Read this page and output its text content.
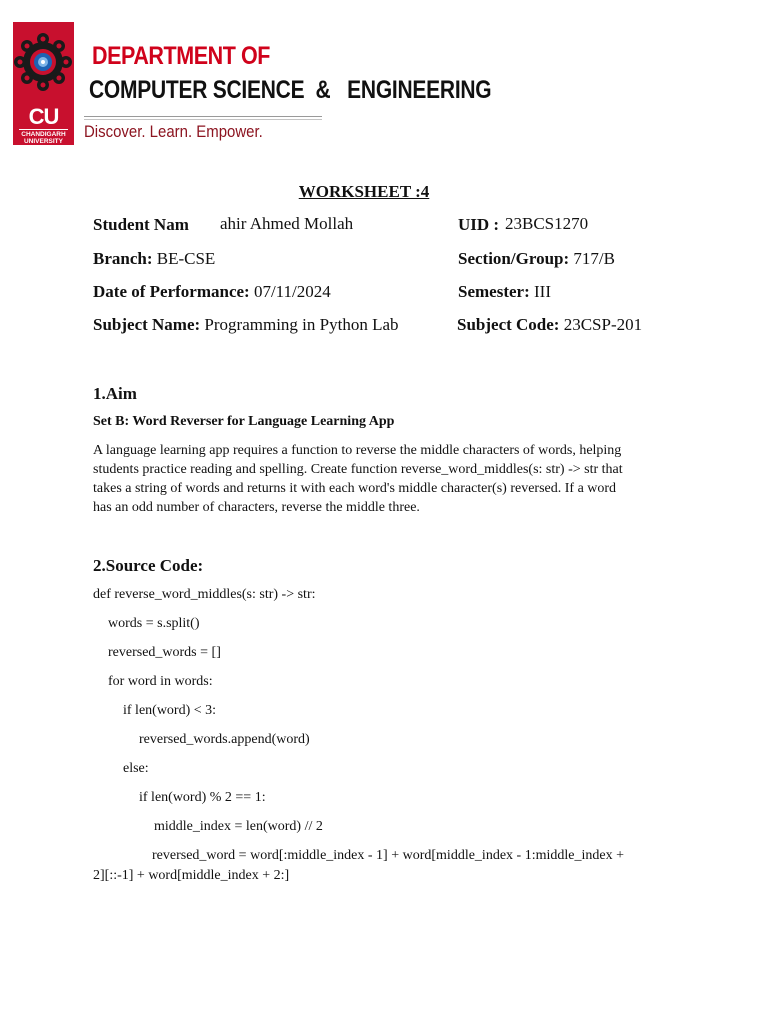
CU
CHANDIGARH UNIVERSITY
DEPARTMENT OF
COMPUTER SCIENCE  &   ENGINEERING
Discover. Learn. Empower.
WORKSHEET :4
Student Nam ahir Ahmed Mollah	UID : 23BCS1270
Branch: BE-CSE	Section/Group: 717/B
Date of Performance: 07/11/2024	Semester: III
Subject Name: Programming in Python Lab	Subject Code: 23CSP-201
1.Aim
Set B: Word Reverser for Language Learning App
A language learning app requires a function to reverse the middle characters of words, helping
students practice reading and spelling. Create function reverse_word_middles(s: str) -> str that
takes a string of words and returns it with each word's middle character(s) reversed. If a word
has an odd number of characters, reverse the middle three.
2.Source Code:
def reverse_word_middles(s: str) -> str:
words = s.split()
reversed_words = []
for word in words:
if len(word) < 3:
reversed_words.append(word)
else:
if len(word) % 2 == 1:
middle_index = len(word) // 2
reversed_word = word[:middle_index - 1] + word[middle_index - 1:middle_index +
2][::-1] + word[middle_index + 2:]
